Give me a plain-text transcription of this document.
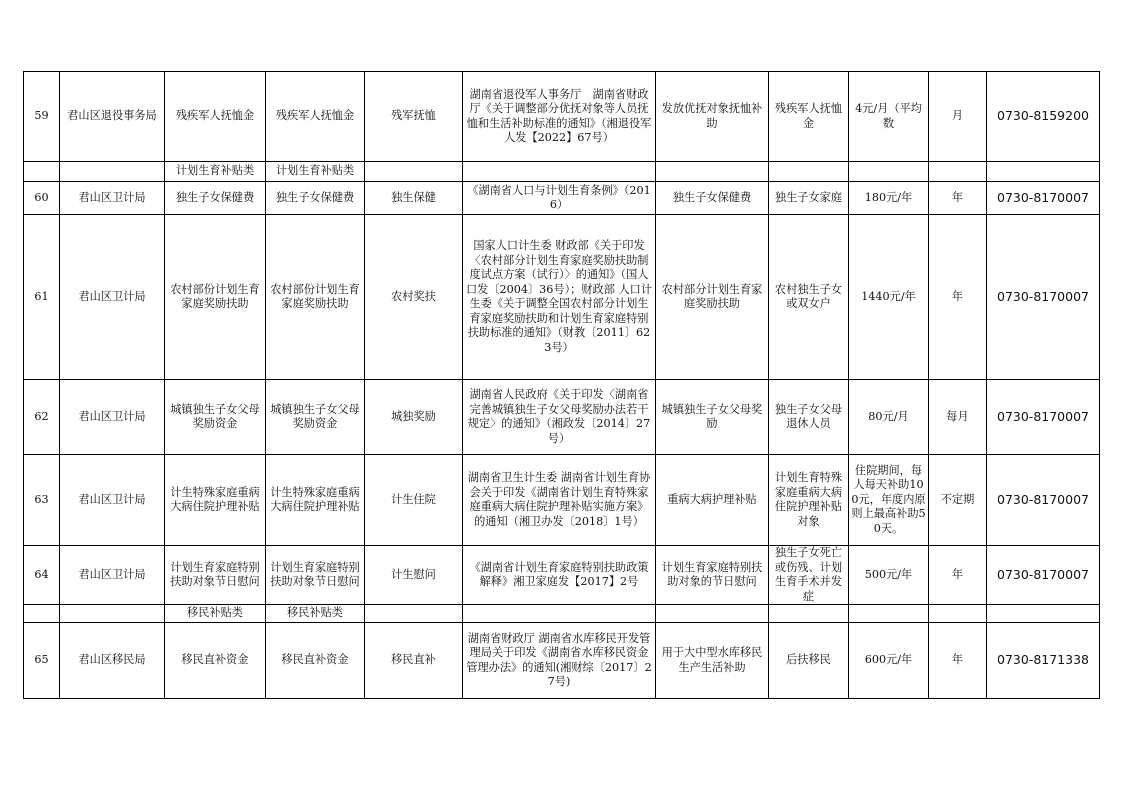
59	君山区退役事务局	残疾军人抚恤金	残疾军人抚恤金	残军抚恤	湖南省退役军人事务厅　湖南省财政厅《关于调整部分优抚对象等人员抚恤和生活补助标准的通知》（湘退役军人发【2022】67号）	发放优抚对象抚恤补助	残疾军人抚恤金	4元/月（平均数	月	0730-8159200
		计划生育补贴类	计划生育补贴类							
60	君山区卫计局	独生子女保健费	独生子女保健费	独生保健	《湖南省人口与计划生育条例》（2016）	独生子女保健费	独生子女家庭	180元/年	年	0730-8170007
61	君山区卫计局	农村部份计划生育家庭奖励扶助	农村部份计划生育家庭奖励扶助	农村奖扶	国家人口计生委 财政部《关于印发〈农村部分计划生育家庭奖励扶助制度试点方案（试行）〉的通知》（国人口发〔2004〕36号）；财政部 人口计生委《关于调整全国农村部分计划生育家庭奖励扶助和计划生育家庭特别扶助标准的通知》（财教〔2011〕623号）	农村部分计划生育家庭奖励扶助	农村独生子女或双女户	1440元/年	年	0730-8170007
62	君山区卫计局	城镇独生子女父母奖励资金	城镇独生子女父母奖励资金	城独奖励	湖南省人民政府《关于印发〈湖南省完善城镇独生子女父母奖励办法若干规定〉的通知》（湘政发〔2014〕27号）	城镇独生子女父母奖励	独生子女父母退休人员	80元/月	每月	0730-8170007
63	君山区卫计局	计生特殊家庭重病大病住院护理补贴	计生特殊家庭重病大病住院护理补贴	计生住院	湖南省卫生计生委 湖南省计划生育协会关于印发《湖南省计划生育特殊家庭重病大病住院护理补贴实施方案》的通知（湘卫办发〔2018〕1号）	重病大病护理补贴	计划生育特殊家庭重病大病住院护理补贴对象	住院期间，每人每天补助100元，年度内原则上最高补助50天。	不定期	0730-8170007
64	君山区卫计局	计划生育家庭特别扶助对象节日慰问	计划生育家庭特别扶助对象节日慰问	计生慰问	《湖南省计划生育家庭特别扶助政策解释》湘卫家庭发【2017】2号	计划生育家庭特别扶助对象的节日慰问	独生子女死亡或伤残、计划生育手术并发症	500元/年	年	0730-8170007
		移民补贴类	移民补贴类							
65	君山区移民局	移民直补资金	移民直补资金	移民直补	湖南省财政厅 湖南省水库移民开发管理局关于印发《湖南省水库移民资金管理办法》的通知(湘财综〔2017〕27号)	用于大中型水库移民生产生活补助	后扶移民	600元/年	年	0730-8171338
